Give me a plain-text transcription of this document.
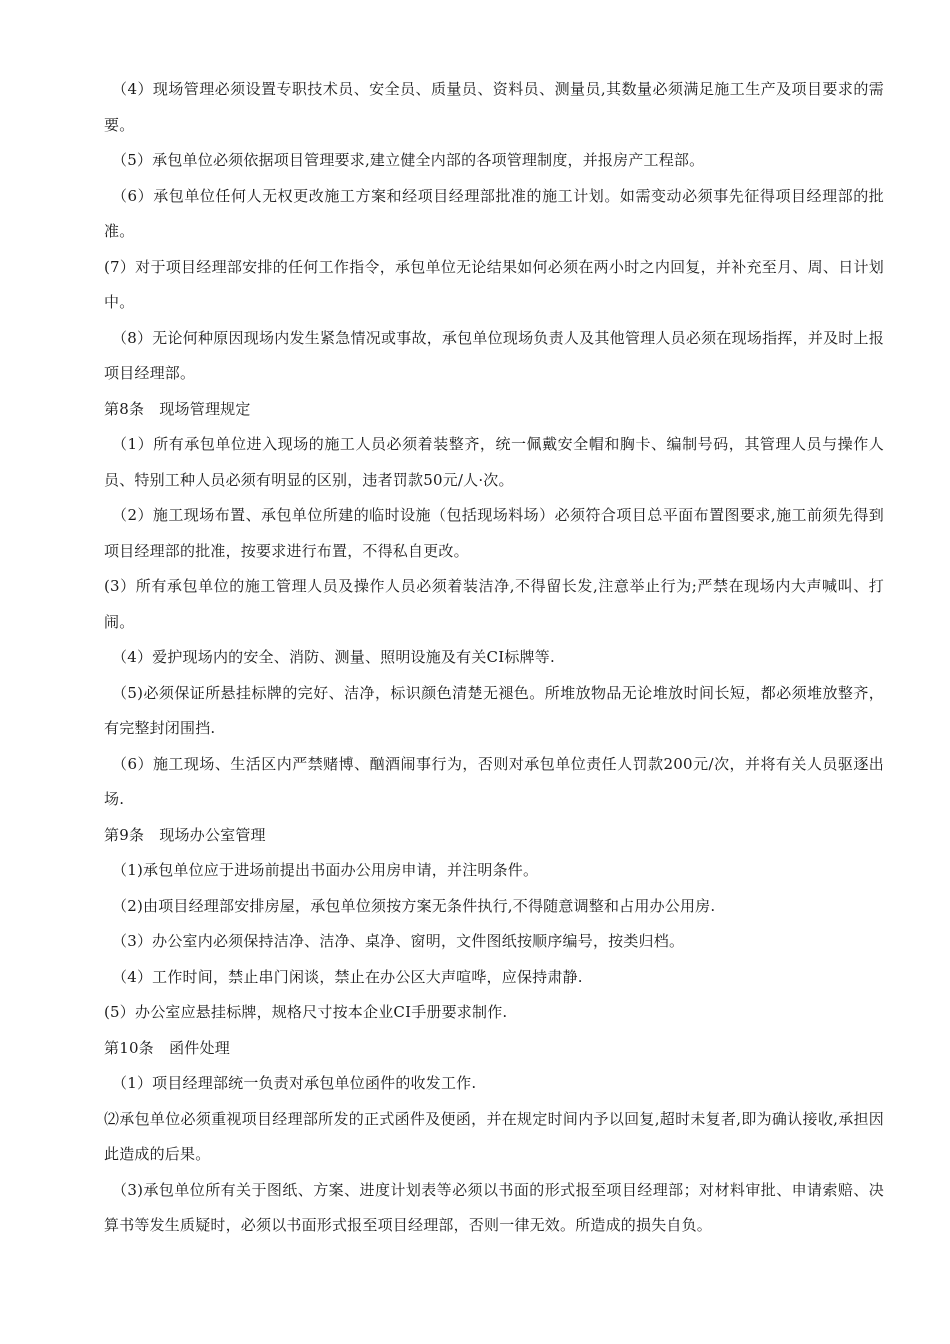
（4）现场管理必须设置专职技术员、安全员、质量员、资料员、测量员,其数量必须满足施工生产及项目要求的需要。

（5）承包单位必须依据项目管理要求,建立健全内部的各项管理制度，并报房产工程部。

（6）承包单位任何人无权更改施工方案和经项目经理部批准的施工计划。如需变动必须事先征得项目经理部的批准。

(7）对于项目经理部安排的任何工作指令，承包单位无论结果如何必须在两小时之内回复，并补充至月、周、日计划中。

（8）无论何种原因现场内发生紧急情况或事故，承包单位现场负责人及其他管理人员必须在现场指挥，并及时上报项目经理部。

第8条　现场管理规定

（1）所有承包单位进入现场的施工人员必须着装整齐，统一佩戴安全帽和胸卡、编制号码，其管理人员与操作人员、特别工种人员必须有明显的区别，违者罚款50元/人·次。

（2）施工现场布置、承包单位所建的临时设施（包括现场料场）必须符合项目总平面布置图要求,施工前须先得到项目经理部的批准，按要求进行布置，不得私自更改。

(3）所有承包单位的施工管理人员及操作人员必须着装洁净,不得留长发,注意举止行为;严禁在现场内大声喊叫、打闹。

（4）爱护现场内的安全、消防、测量、照明设施及有关CI标牌等.

（5)必须保证所悬挂标牌的完好、洁净，标识颜色清楚无褪色。所堆放物品无论堆放时间长短，都必须堆放整齐，有完整封闭围挡.

（6）施工现场、生活区内严禁赌博、酗酒闹事行为，否则对承包单位责任人罚款200元/次，并将有关人员驱逐出场.

第9条　现场办公室管理

（1)承包单位应于进场前提出书面办公用房申请，并注明条件。

（2)由项目经理部安排房屋，承包单位须按方案无条件执行,不得随意调整和占用办公用房.

（3）办公室内必须保持洁净、洁净、桌净、窗明，文件图纸按顺序编号，按类归档。

（4）工作时间，禁止串门闲谈，禁止在办公区大声喧哗，应保持肃静.

(5）办公室应悬挂标牌，规格尺寸按本企业CI手册要求制作.

第10条　函件处理

（1）项目经理部统一负责对承包单位函件的收发工作.

⑵承包单位必须重视项目经理部所发的正式函件及便函，并在规定时间内予以回复,超时未复者,即为确认接收,承担因此造成的后果。

（3)承包单位所有关于图纸、方案、进度计划表等必须以书面的形式报至项目经理部；对材料审批、申请索赔、决算书等发生质疑时，必须以书面形式报至项目经理部，否则一律无效。所造成的损失自负。
